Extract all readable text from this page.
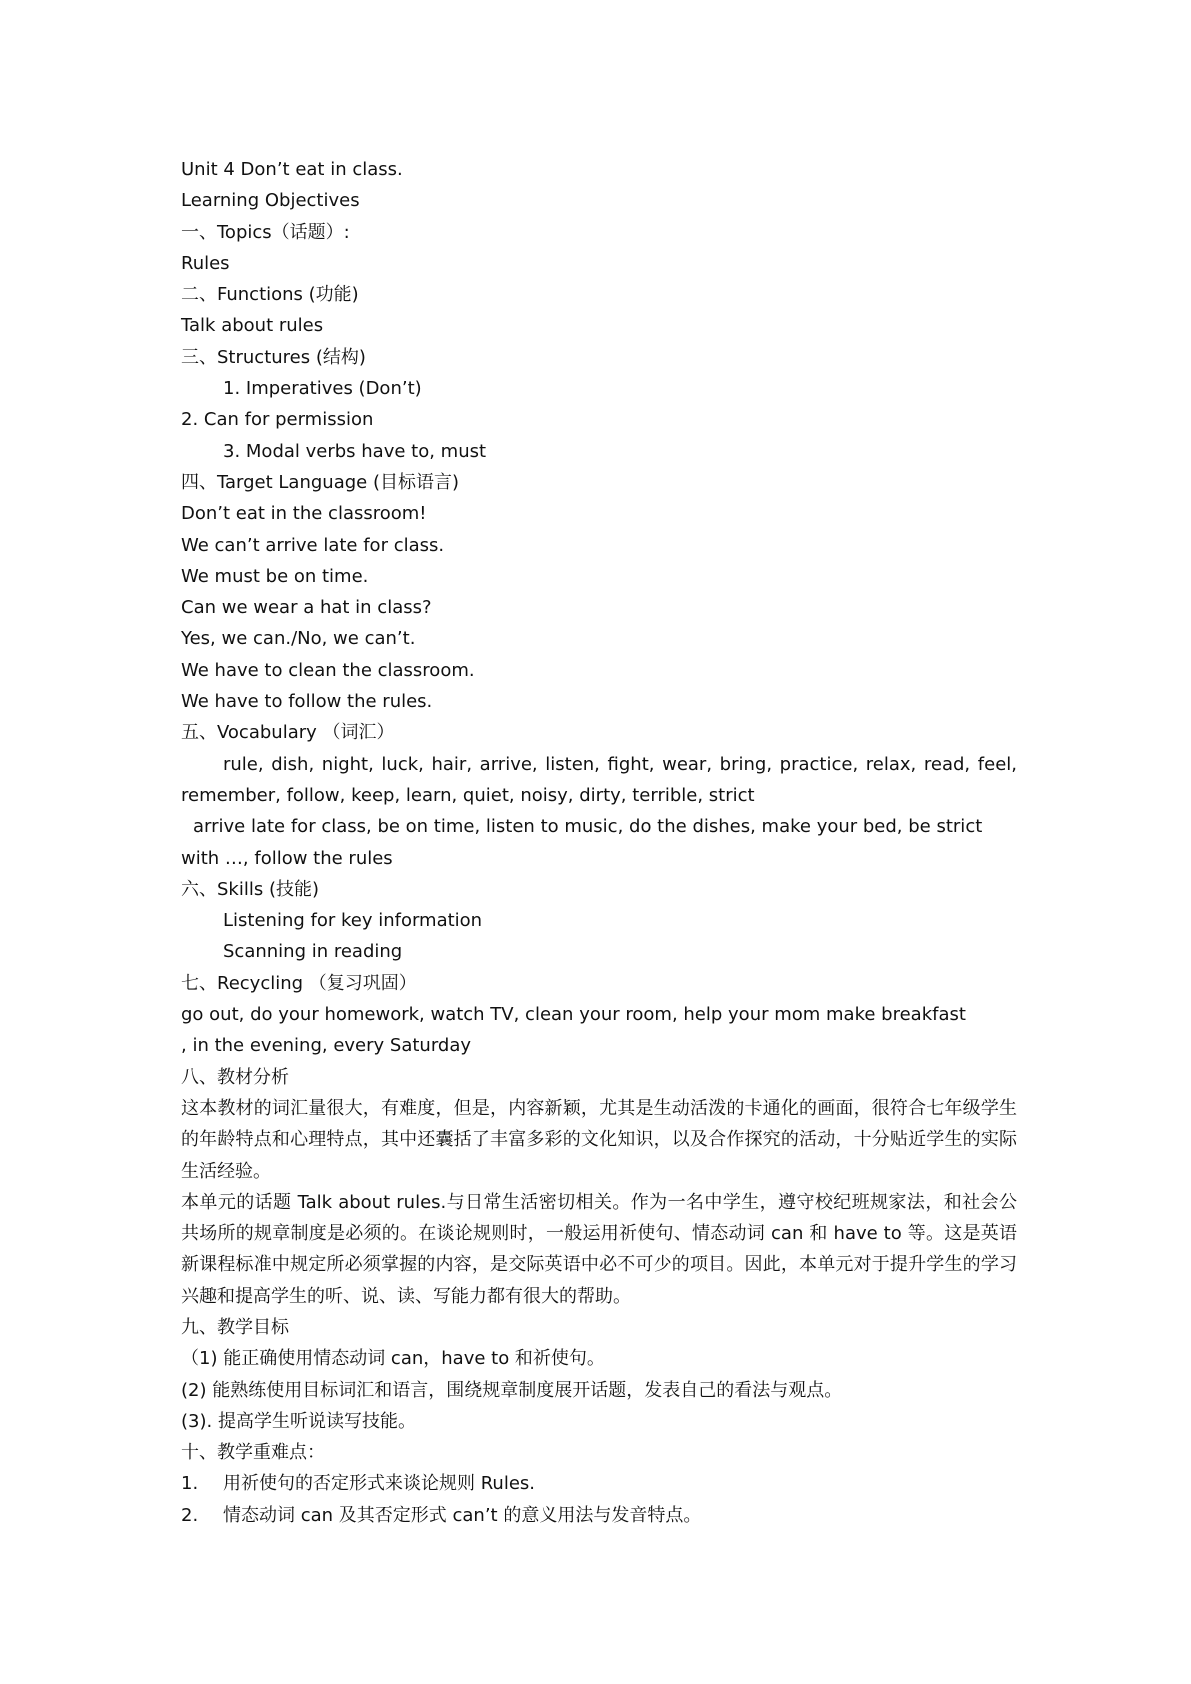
Unit 4 Don’t eat in class.
Learning Objectives
一、Topics（话题）:
Rules
二、Functions (功能)
Talk about rules
三、Structures (结构)
1. Imperatives (Don’t)
2. Can for permission
3. Modal verbs have to, must
四、Target Language (目标语言)
Don’t eat in the classroom!
We can’t arrive late for class.
We must be on time.
Can we wear a hat in class?
Yes, we can./No, we can’t.
We have to clean the classroom.
We have to follow the rules.
五、Vocabulary （词汇）
rule, dish, night, luck, hair, arrive, listen, fight, wear, bring, practice, relax, read, feel, remember, follow, keep, learn, quiet, noisy, dirty, terrible, strict
arrive late for class, be on time, listen to music, do the dishes, make your bed, be strict with …, follow the rules
六、Skills (技能)
Listening for key information
Scanning in reading
七、Recycling （复习巩固）
go out, do your homework, watch TV, clean your room, help your mom make breakfast
, in the evening, every Saturday
八、教材分析
这本教材的词汇量很大，有难度，但是，内容新颖，尤其是生动活泼的卡通化的画面，很符合七年级学生的年龄特点和心理特点，其中还囊括了丰富多彩的文化知识，以及合作探究的活动，十分贴近学生的实际生活经验。
本单元的话题 Talk about rules.与日常生活密切相关。作为一名中学生，遵守校纪班规家法，和社会公共场所的规章制度是必须的。在谈论规则时，一般运用祈使句、情态动词 can 和 have to 等。这是英语新课程标准中规定所必须掌握的内容，是交际英语中必不可少的项目。因此，本单元对于提升学生的学习兴趣和提高学生的听、说、读、写能力都有很大的帮助。
九、教学目标
（1) 能正确使用情态动词 can，have to 和祈使句。
(2) 能熟练使用目标词汇和语言，围绕规章制度展开话题，发表自己的看法与观点。
(3). 提高学生听说读写技能。
十、教学重难点：
1. 用祈使句的否定形式来谈论规则 Rules.
2. 情态动词 can 及其否定形式 can’t 的意义用法与发音特点。
